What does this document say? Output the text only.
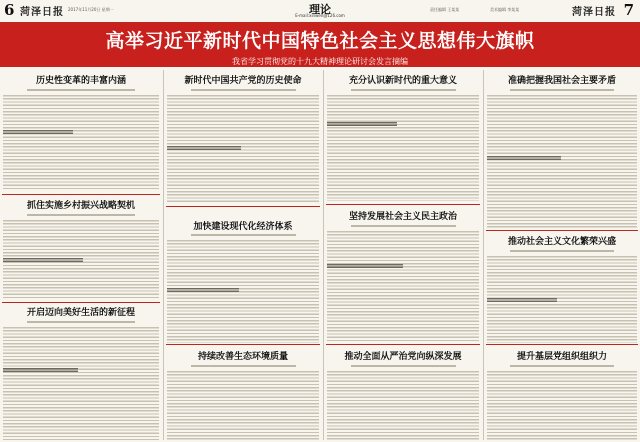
6 菏泽日报 2017年11月20日 星期一	理论
E-mail:xinwen@126.com
责任编辑 王某某	美术编辑 李某某	菏泽日报 7
高举习近平新时代中国特色社会主义思想伟大旗帜
我省学习贯彻党的十九大精神理论研讨会发言摘编
历史性变革的丰富内涵
抓住实施乡村振兴战略契机
开启迈向美好生活的新征程
新时代中国共产党的历史使命
加快建设现代化经济体系
持续改善生态环境质量
充分认识新时代的重大意义
坚持发展社会主义民主政治
推动全面从严治党向纵深发展
准确把握我国社会主要矛盾
推动社会主义文化繁荣兴盛
提升基层党组织组织力
